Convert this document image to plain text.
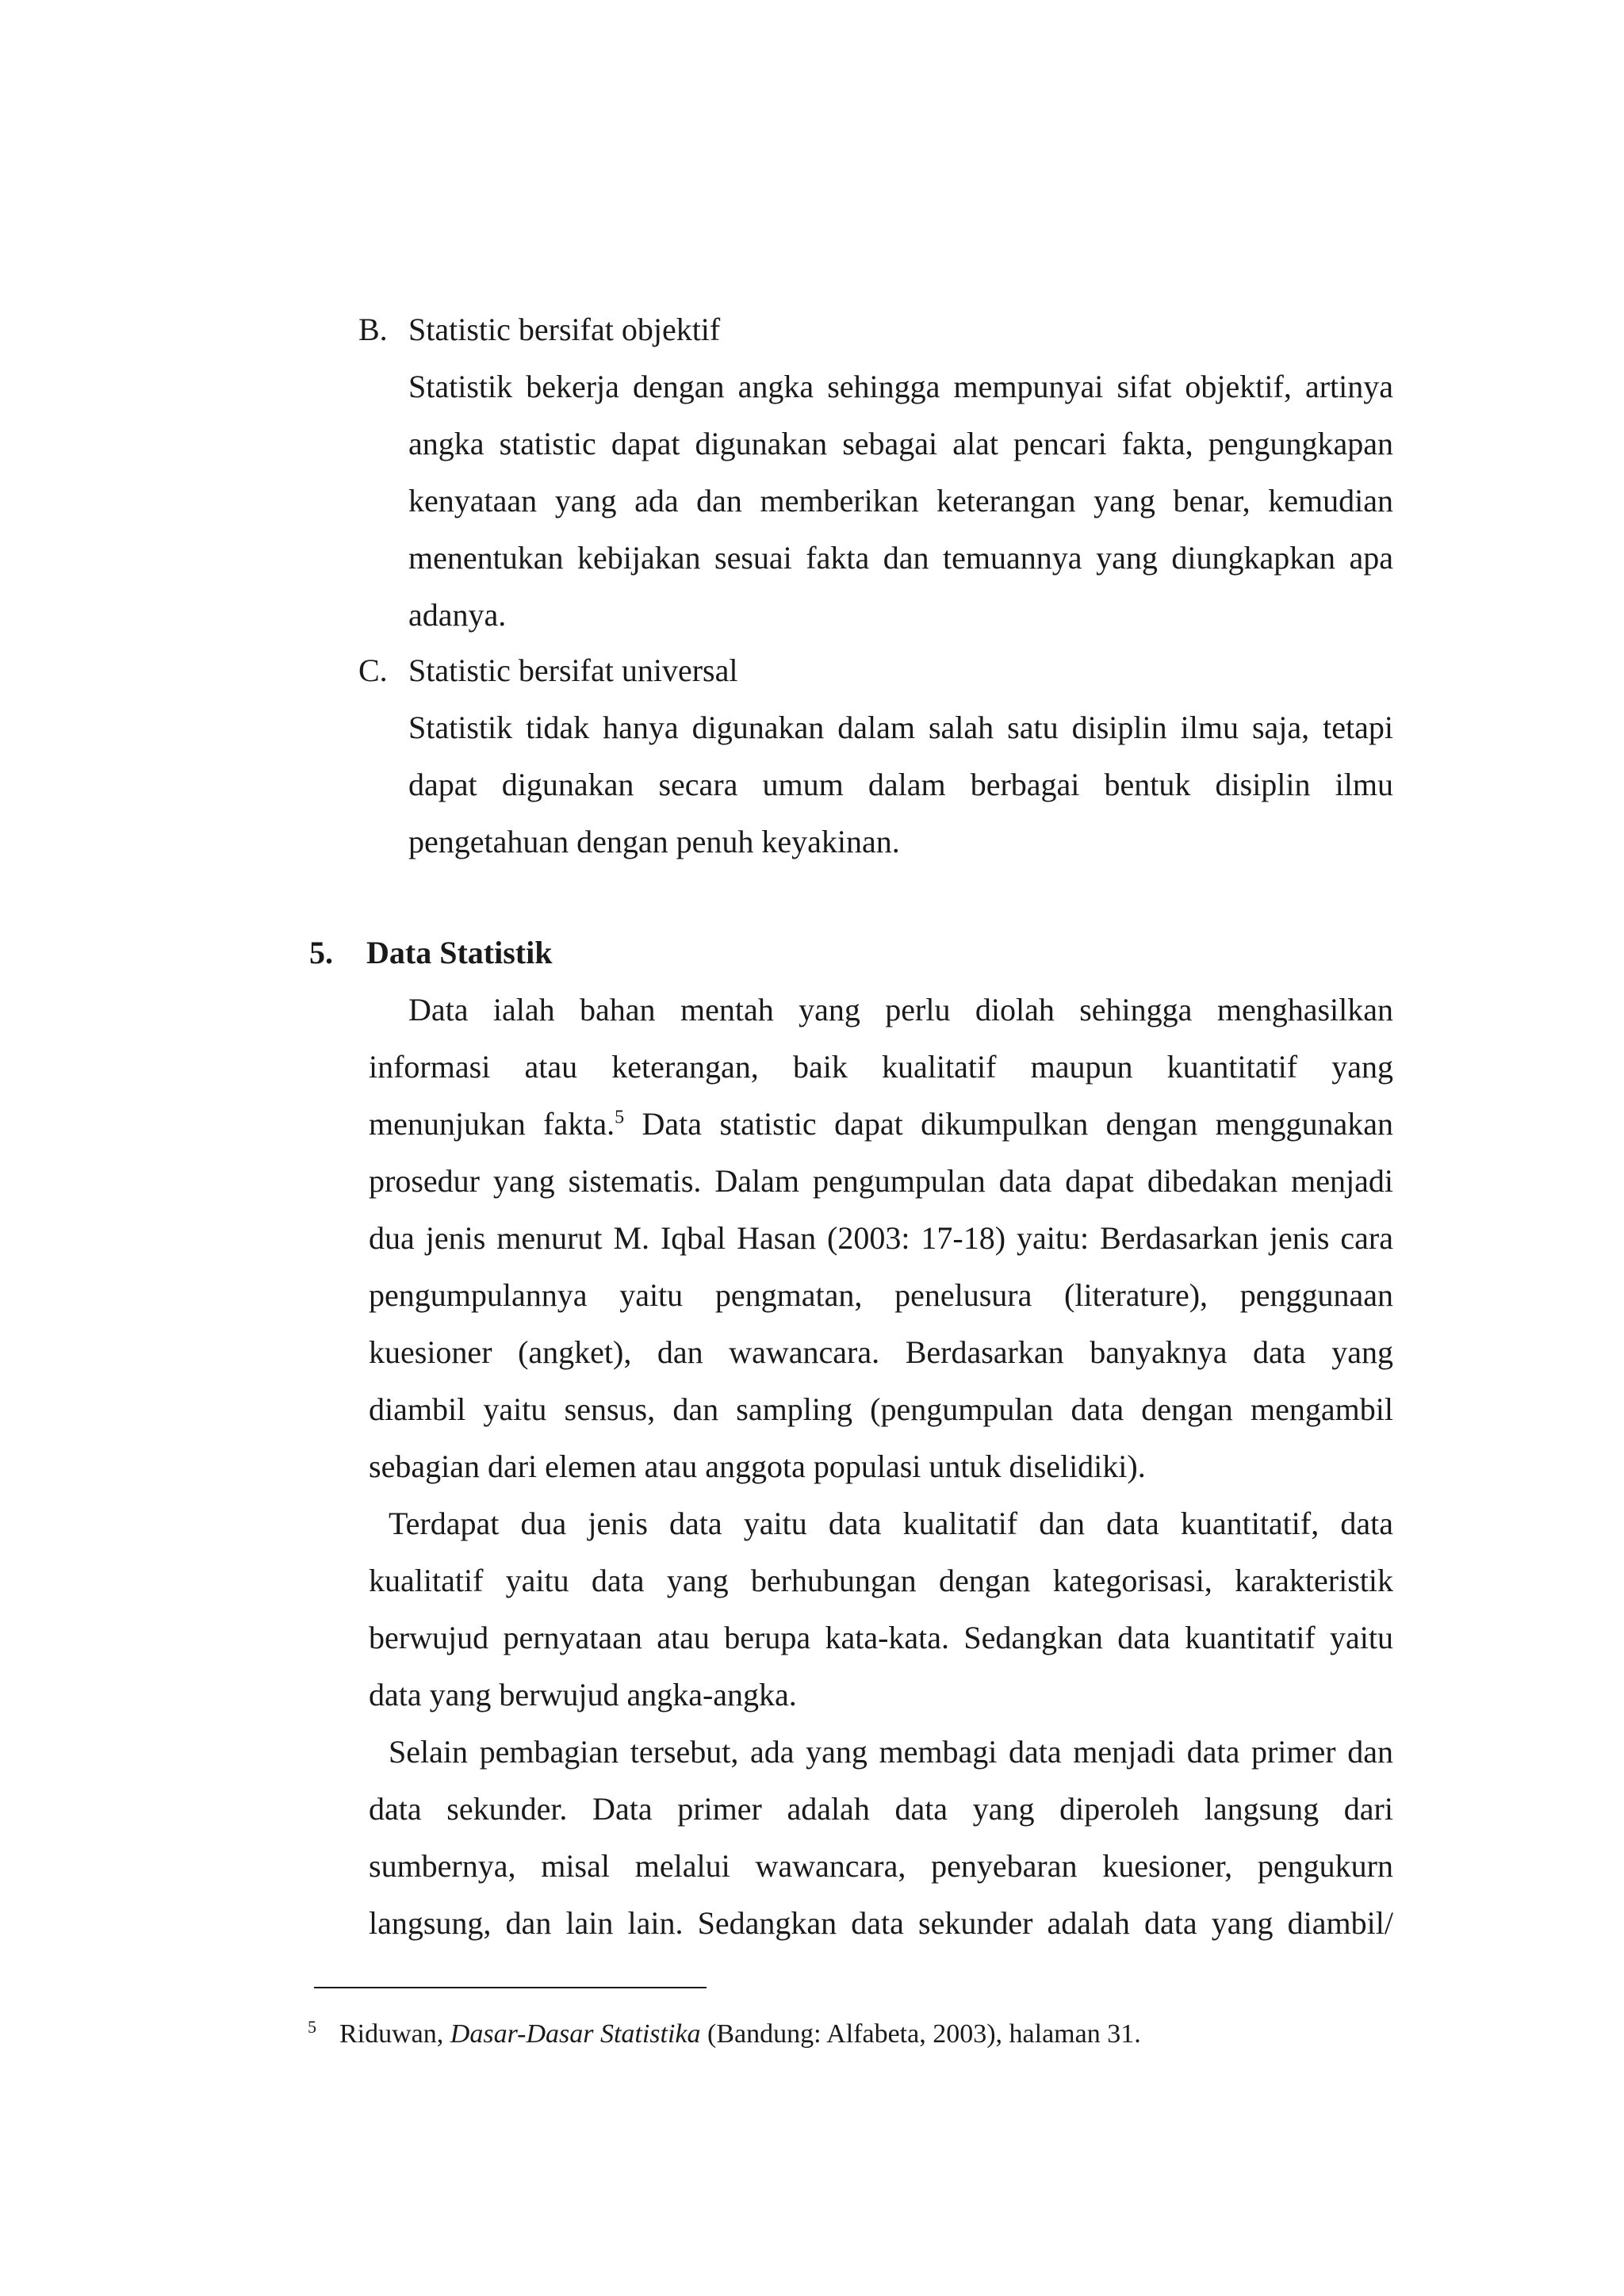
B. Statistic bersifat objektif
Statistik bekerja dengan angka sehingga mempunyai sifat objektif, artinya
angka statistic dapat digunakan sebagai alat pencari fakta, pengungkapan
kenyataan yang ada dan memberikan keterangan yang benar, kemudian
menentukan kebijakan sesuai fakta dan temuannya yang diungkapkan apa
adanya.
C. Statistic bersifat universal
Statistik tidak hanya digunakan dalam salah satu disiplin ilmu saja, tetapi
dapat digunakan secara umum dalam berbagai bentuk disiplin ilmu
pengetahuan dengan penuh keyakinan.
5. Data Statistik
Data ialah bahan mentah yang perlu diolah sehingga menghasilkan
informasi atau keterangan, baik kualitatif maupun kuantitatif yang
menunjukan fakta.$^5$ Data statistic dapat dikumpulkan dengan menggunakan
prosedur yang sistematis. Dalam pengumpulan data dapat dibedakan menjadi
dua jenis menurut M. Iqbal Hasan (2003: 17-18) yaitu: Berdasarkan jenis cara
pengumpulannya yaitu pengmatan, penelusura (literature), penggunaan
kuesioner (angket), dan wawancara. Berdasarkan banyaknya data yang
diambil yaitu sensus, dan sampling (pengumpulan data dengan mengambil
sebagian dari elemen atau anggota populasi untuk diselidiki).
Terdapat dua jenis data yaitu data kualitatif dan data kuantitatif, data
kualitatif yaitu data yang berhubungan dengan kategorisasi, karakteristik
berwujud pernyataan atau berupa kata-kata. Sedangkan data kuantitatif yaitu
data yang berwujud angka-angka.
Selain pembagian tersebut, ada yang membagi data menjadi data primer dan
data sekunder. Data primer adalah data yang diperoleh langsung dari
sumbernya, misal melalui wawancara, penyebaran kuesioner, pengukurn
langsung, dan lain lain. Sedangkan data sekunder adalah data yang diambil/
$^5$ Riduwan, Dasar-Dasar Statistika (Bandung: Alfabeta, 2003), halaman 31.
